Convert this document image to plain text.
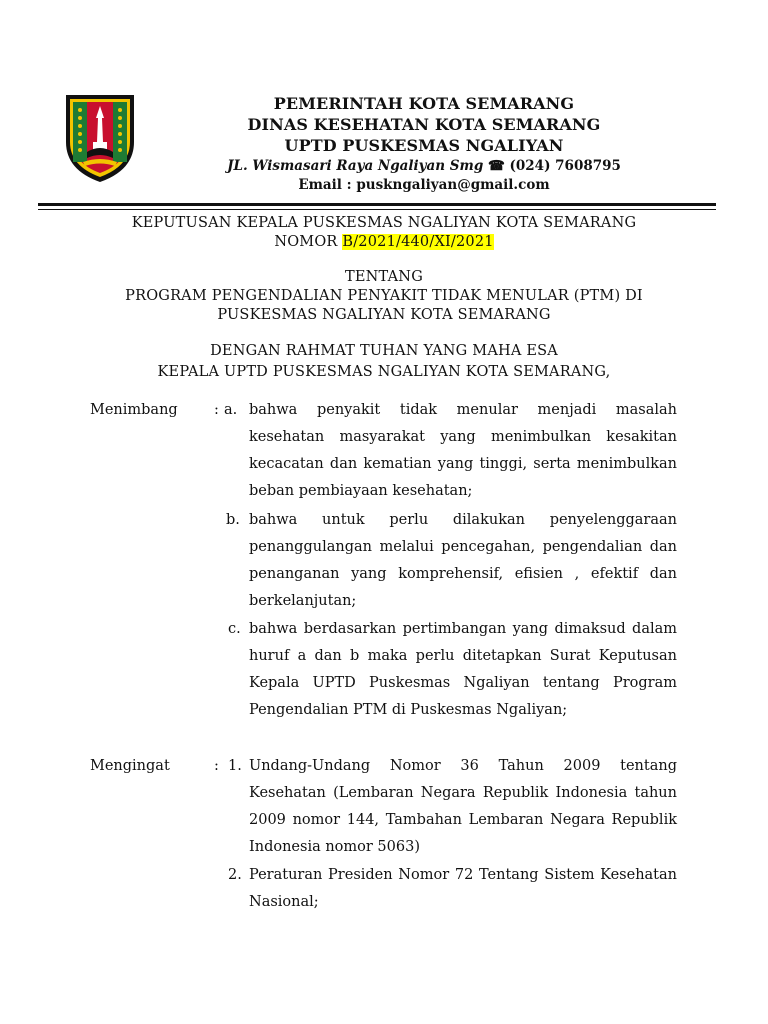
PEMERINTAH KOTA SEMARANG
DINAS KESEHATAN KOTA SEMARANG
UPTD PUSKESMAS NGALIYAN
JL. Wismasari Raya Ngaliyan Smg ☎ (024) 7608795
Email : puskngaliyan@gmail.com
KEPUTUSAN KEPALA PUSKESMAS NGALIYAN KOTA SEMARANG
NOMOR B/2021/440/XI/2021
TENTANG
PROGRAM PENGENDALIAN PENYAKIT TIDAK MENULAR (PTM) DI
PUSKESMAS NGALIYAN KOTA SEMARANG
DENGAN RAHMAT TUHAN YANG MAHA ESA
KEPALA UPTD PUSKESMAS NGALIYAN KOTA SEMARANG,
Menimbang	: a. bahwa penyakit tidak menular menjadi masalah kesehatan masyarakat yang menimbulkan kesakitan kecacatan dan kematian yang tinggi, serta menimbulkan beban pembiayaan kesehatan;
b. bahwa untuk perlu dilakukan penyelenggaraan penanggulangan melalui pencegahan, pengendalian dan penanganan yang komprehensif, efisien , efektif dan berkelanjutan;
c. bahwa berdasarkan pertimbangan yang dimaksud dalam huruf a dan b maka perlu ditetapkan Surat Keputusan Kepala UPTD Puskesmas Ngaliyan tentang Program Pengendalian PTM di Puskesmas Ngaliyan;
Mengingat	: 1. Undang-Undang Nomor 36 Tahun 2009 tentang Kesehatan (Lembaran Negara Republik Indonesia tahun 2009 nomor 144, Tambahan Lembaran Negara Republik Indonesia nomor 5063)
2. Peraturan Presiden Nomor 72 Tentang Sistem Kesehatan Nasional;
